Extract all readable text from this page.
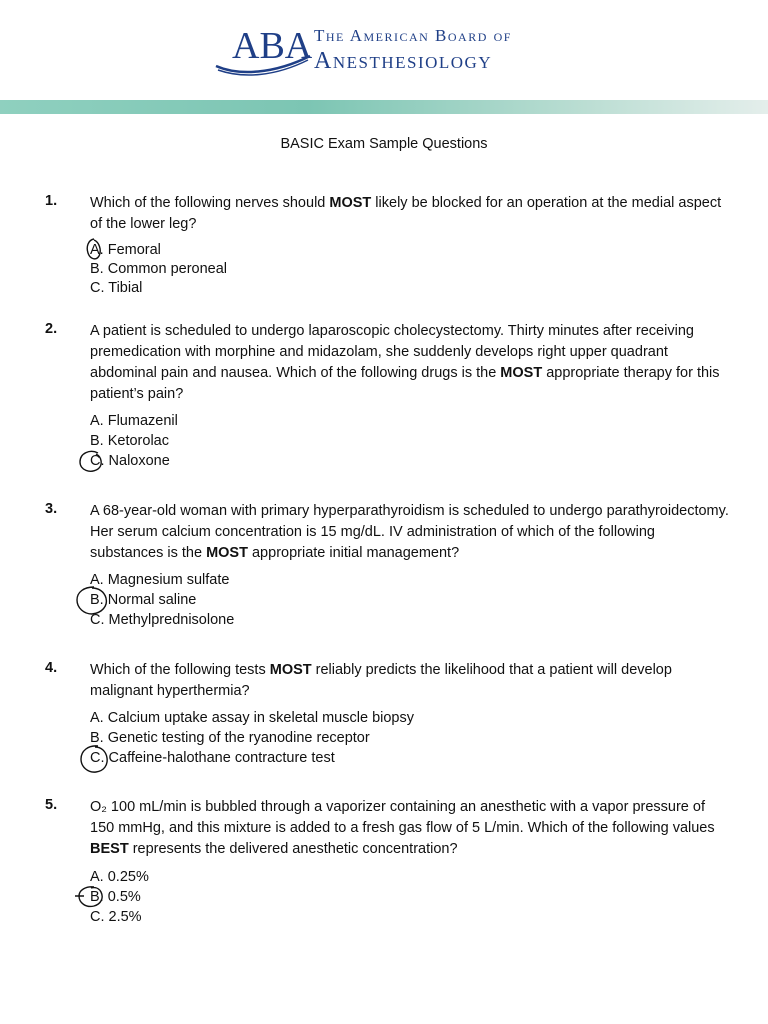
ABA The American Board of
Anesthesiology
BASIC Exam Sample Questions
1. Which of the following nerves should MOST likely be blocked for an operation at the medial aspect of the lower leg?
A. Femoral
B. Common peroneal
C. Tibial
2. A patient is scheduled to undergo laparoscopic cholecystectomy. Thirty minutes after receiving premedication with morphine and midazolam, she suddenly develops right upper quadrant abdominal pain and nausea. Which of the following drugs is the MOST appropriate therapy for this patient’s pain?
A. Flumazenil
B. Ketorolac
C. Naloxone
3. A 68-year-old woman with primary hyperparathyroidism is scheduled to undergo parathyroidectomy. Her serum calcium concentration is 15 mg/dL. IV administration of which of the following substances is the MOST appropriate initial management?
A. Magnesium sulfate
B. Normal saline
C. Methylprednisolone
4. Which of the following tests MOST reliably predicts the likelihood that a patient will develop malignant hyperthermia?
A. Calcium uptake assay in skeletal muscle biopsy
B. Genetic testing of the ryanodine receptor
C. Caffeine-halothane contracture test
5. O₂ 100 mL/min is bubbled through a vaporizer containing an anesthetic with a vapor pressure of 150 mmHg, and this mixture is added to a fresh gas flow of 5 L/min. Which of the following values BEST represents the delivered anesthetic concentration?
A. 0.25%
B. 0.5%
C. 2.5%
